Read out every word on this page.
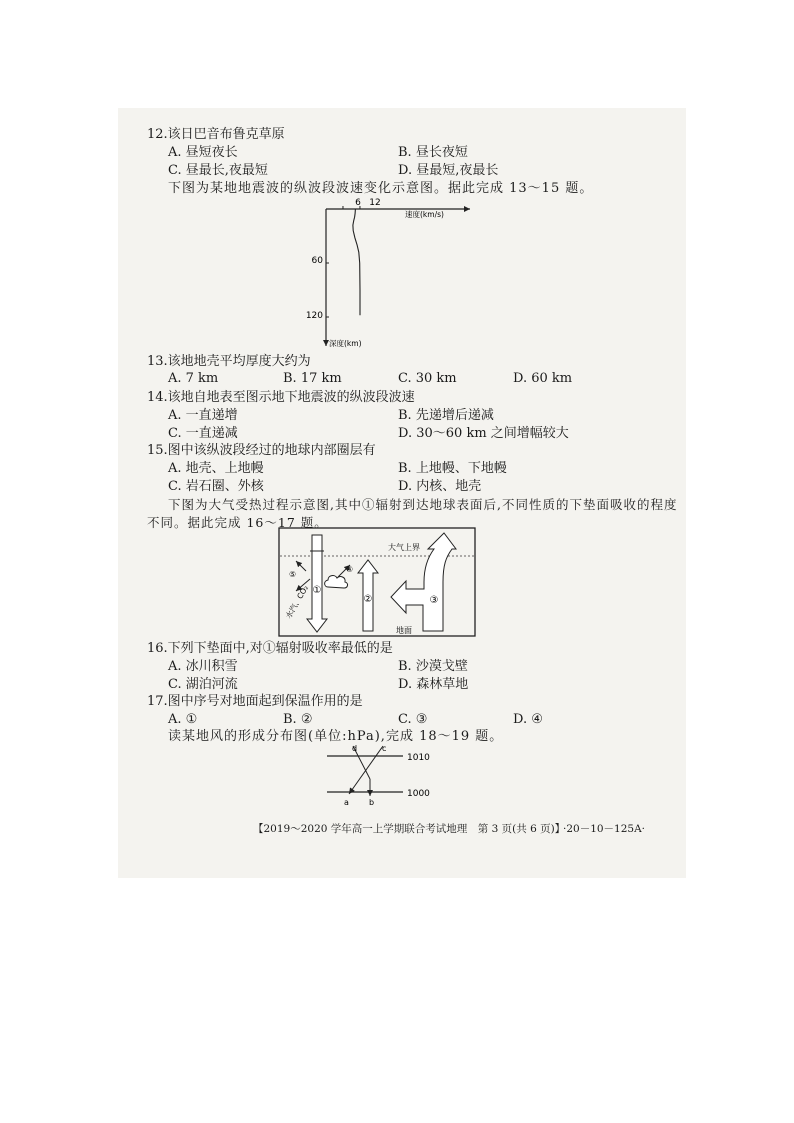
12.该日巴音布鲁克草原
A. 昼短夜长	B. 昼长夜短
C. 昼最长,夜最短	D. 昼最短,夜最长
下图为某地地震波的纵波段波速变化示意图。据此完成 13～15 题。
6 12
速度(km/s)
60
120
深度(km)
13.该地地壳平均厚度大约为
A. 7 km	B. 17 km	C. 30 km	D. 60 km
14.该地自地表至图示地下地震波的纵波段波速
A. 一直递增	B. 先递增后递减
C. 一直递减	D. 30～60 km 之间增幅较大
15.图中该纵波段经过的地球内部圈层有
A. 地壳、上地幔	B. 上地幔、下地幔
C. 岩石圈、外核	D. 内核、地壳
下图为大气受热过程示意图,其中①辐射到达地球表面后,不同性质的下垫面吸收的程度
不同。据此完成 16～17 题。
大气上界
地面
①
②	③
④
⑤
水汽、CO₂
16.下列下垫面中,对①辐射吸收率最低的是
A. 冰川积雪	B. 沙漠戈壁
C. 湖泊河流	D. 森林草地
17.图中序号对地面起到保温作用的是
A. ①	B. ②	C. ③	D. ④
读某地风的形成分布图(单位:hPa),完成 18～19 题。
1010
1000
d	c
a	b
【2019～2020 学年高一上学期联合考试地理　第 3 页(共 6 页)】
·20－10－125A·
